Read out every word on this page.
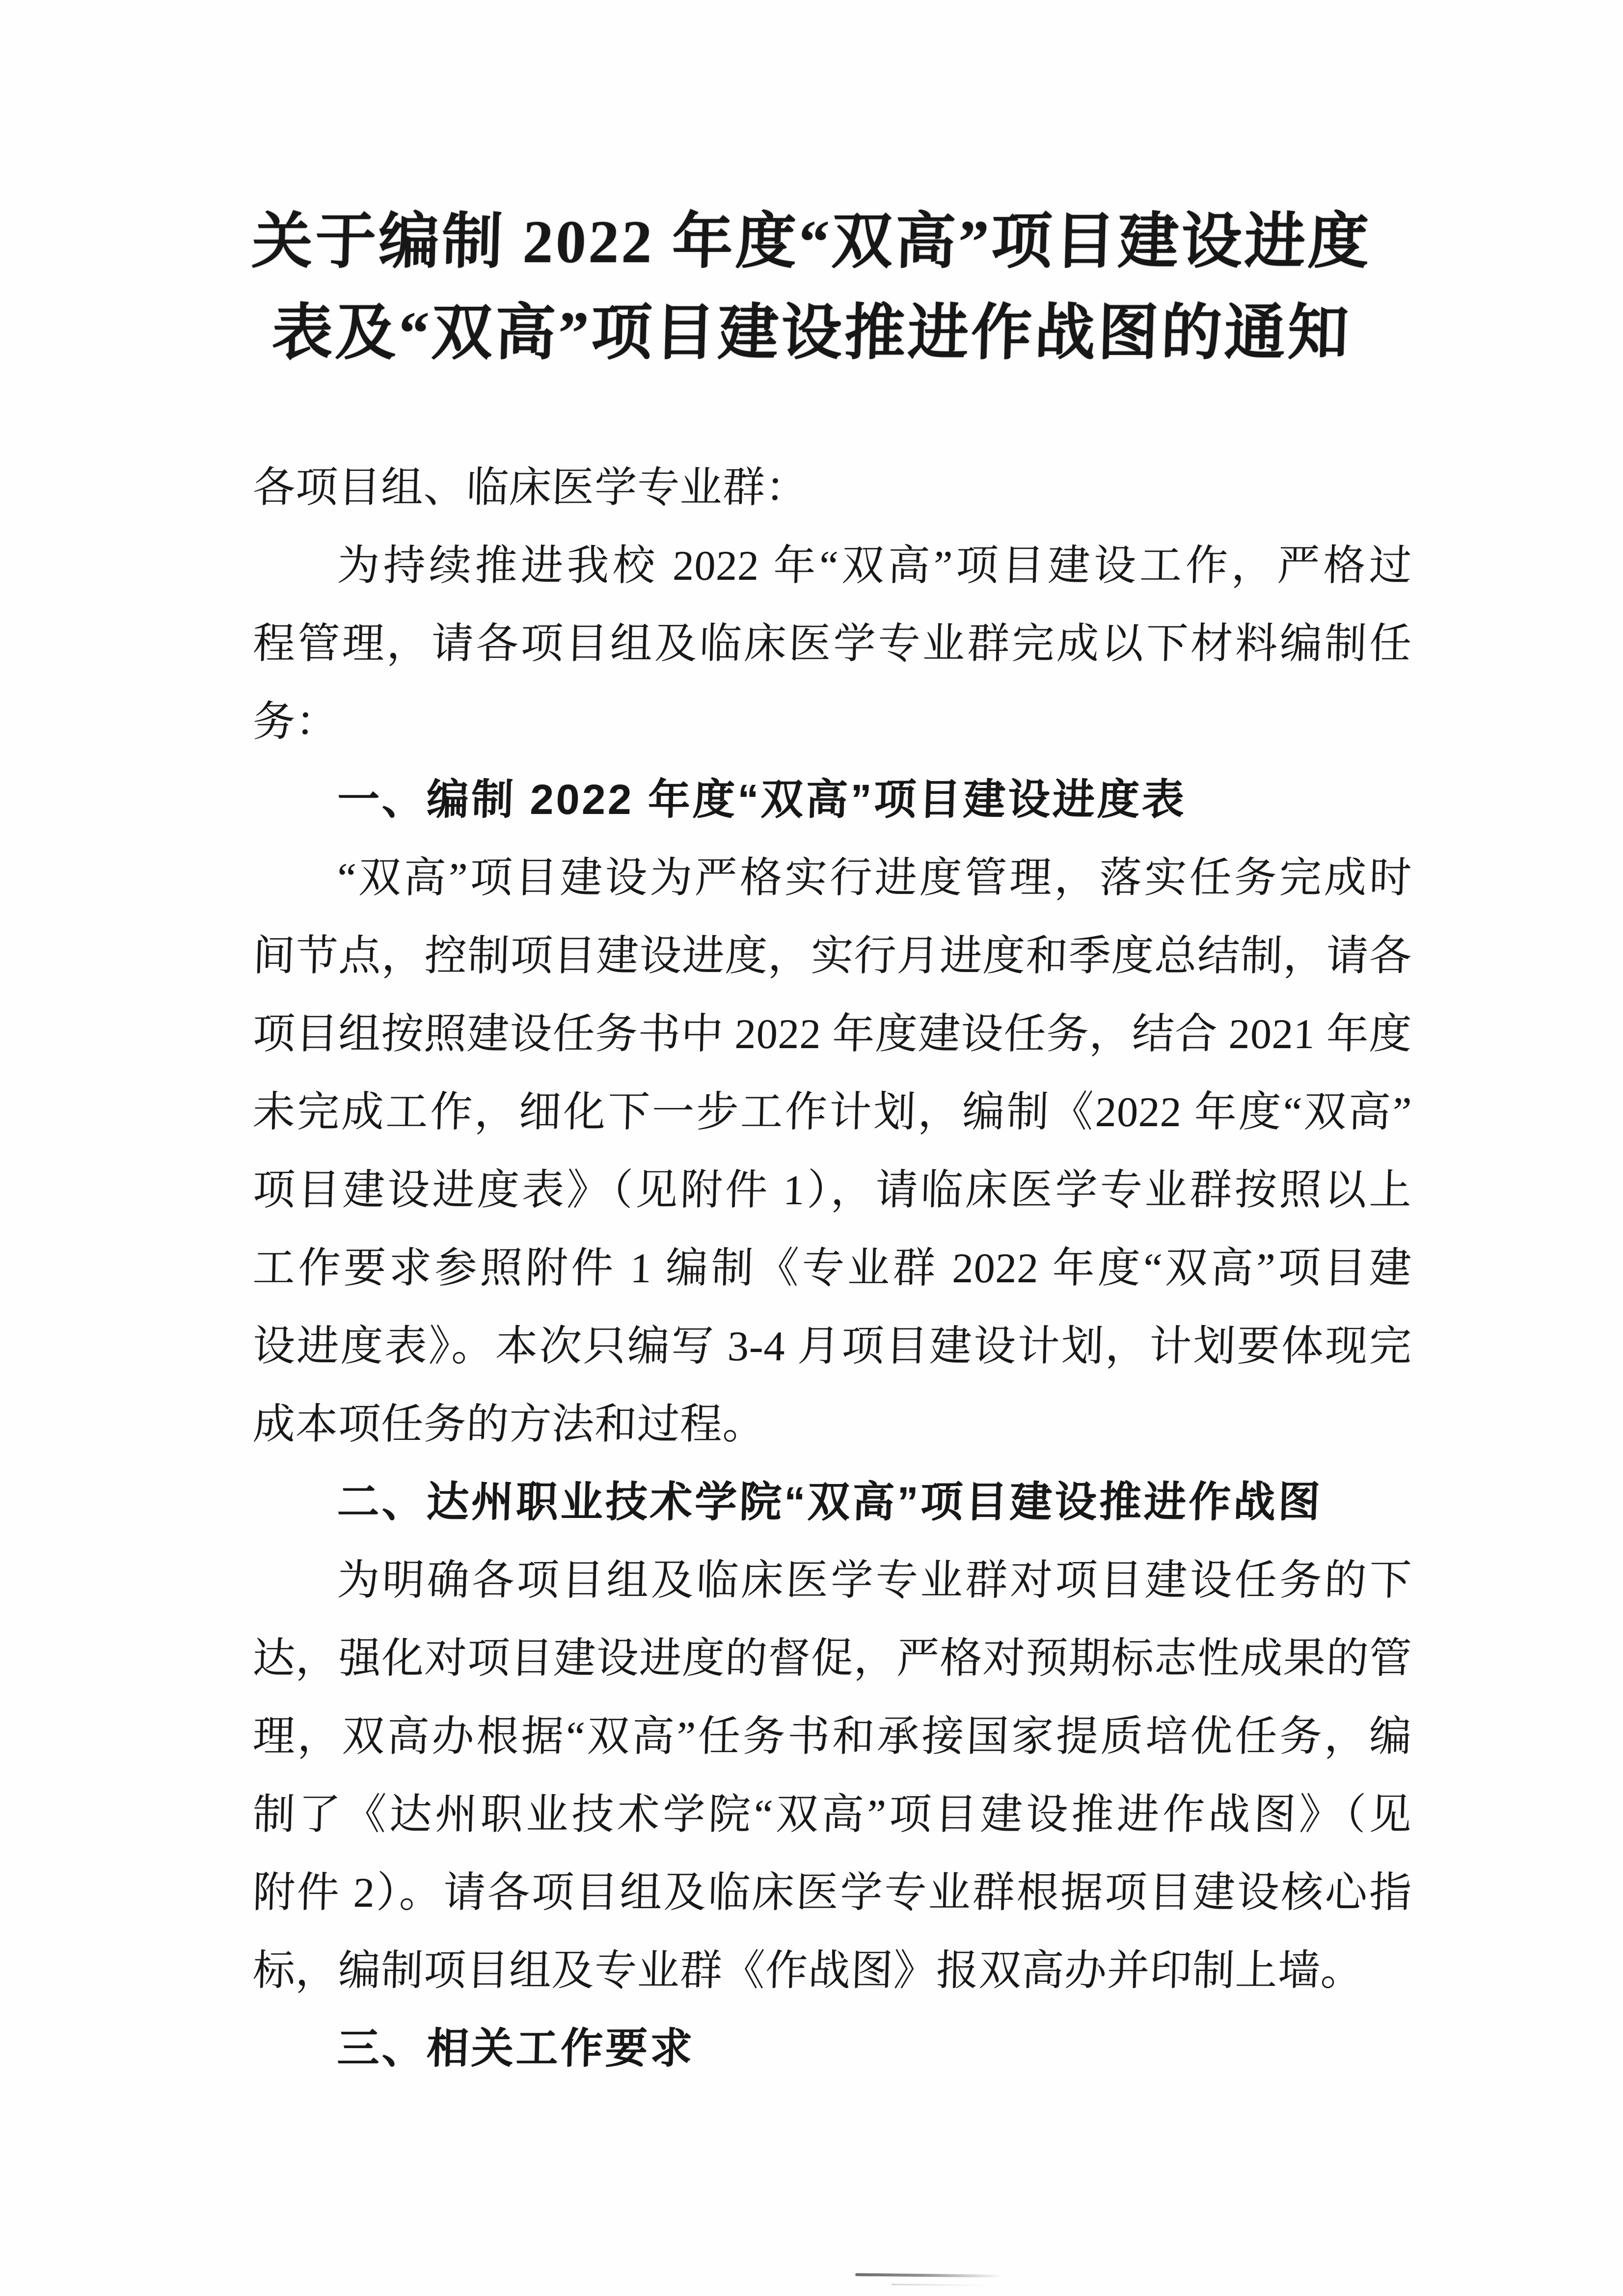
关于编制 2022 年度“双高”项目建设进度
表及“双高”项目建设推进作战图的通知
各项目组、临床医学专业群：
为持续推进我校 2022 年“双高”项目建设工作，严格过
程管理，请各项目组及临床医学专业群完成以下材料编制任
务：
一、编制 2022 年度“双高”项目建设进度表
“双高”项目建设为严格实行进度管理，落实任务完成时
间节点，控制项目建设进度，实行月进度和季度总结制，请各
项目组按照建设任务书中 2022 年度建设任务，结合 2021 年度
未完成工作，细化下一步工作计划，编制《2022 年度“双高”
项目建设进度表》（见附件 1），请临床医学专业群按照以上
工作要求参照附件 1 编制《专业群 2022 年度“双高”项目建
设进度表》。本次只编写 3-4 月项目建设计划，计划要体现完
成本项任务的方法和过程。
二、达州职业技术学院“双高”项目建设推进作战图
为明确各项目组及临床医学专业群对项目建设任务的下
达，强化对项目建设进度的督促，严格对预期标志性成果的管
理，双高办根据“双高”任务书和承接国家提质培优任务，编
制了《达州职业技术学院“双高”项目建设推进作战图》（见
附件 2）。请各项目组及临床医学专业群根据项目建设核心指
标，编制项目组及专业群《作战图》报双高办并印制上墙。
三、相关工作要求
